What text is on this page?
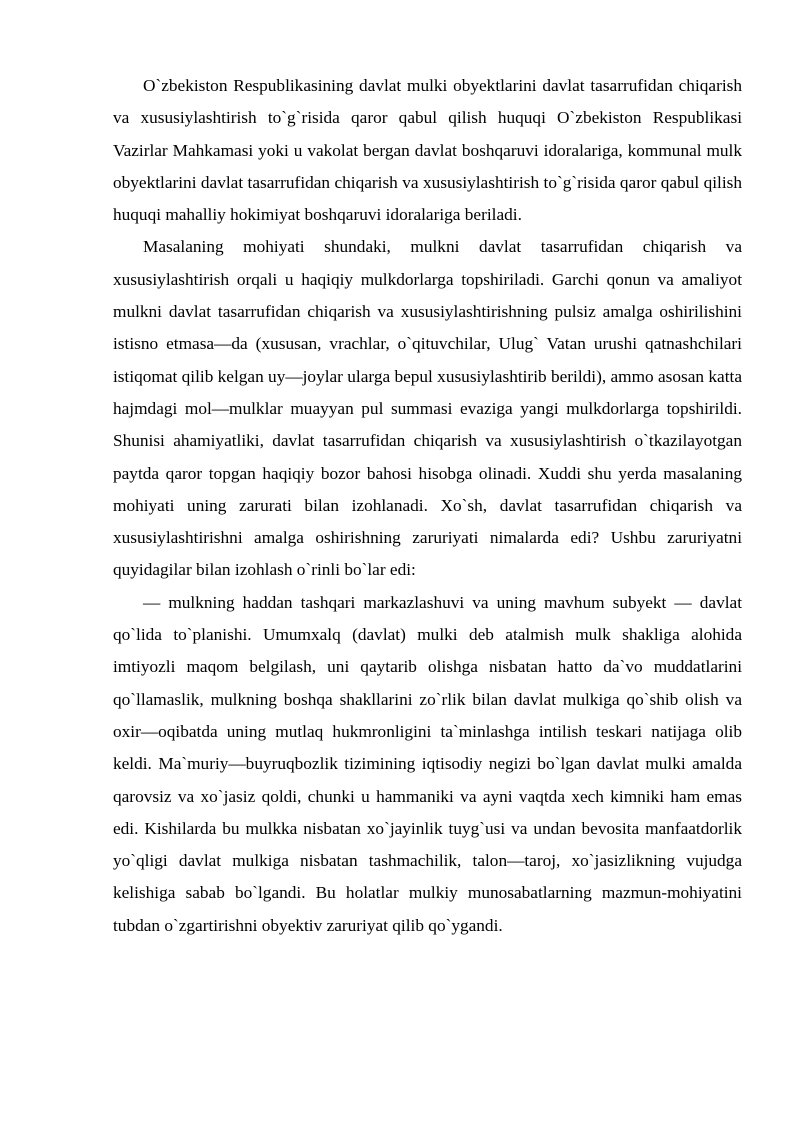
O`zbekiston Respublikasining davlat mulki obyektlarini davlat tasarrufidan chiqarish va xususiylashtirish to`g`risida qaror qabul qilish huquqi O`zbekiston Respublikasi Vazirlar Mahkamasi yoki u vakolat bergan davlat boshqaruvi idoralariga, kommunal mulk obyektlarini davlat tasarrufidan chiqarish va xususiylashtirish to`g`risida qaror qabul qilish huquqi mahalliy hokimiyat boshqaruvi idoralariga beriladi.

Masalaning mohiyati shundaki, mulkni davlat tasarrufidan chiqarish va xususiylashtirish orqali u haqiqiy mulkdorlarga topshiriladi. Garchi qonun va amaliyot mulkni davlat tasarrufidan chiqarish va xususiylashtirishning pulsiz amalga oshirilishini istisno etmasa—da (xususan, vrachlar, o`qituvchilar, Ulug` Vatan urushi qatnashchilari istiqomat qilib kelgan uy—joylar ularga bepul xususiylashtirib berildi), ammo asosan katta hajmdagi mol—mulklar muayyan pul summasi evaziga yangi mulkdorlarga topshirildi. Shunisi ahamiyatliki, davlat tasarrufidan chiqarish va xususiylashtirish o`tkazilayotgan paytda qaror topgan haqiqiy bozor bahosi hisobga olinadi. Xuddi shu yerda masalaning mohiyati uning zarurati bilan izohlanadi. Xo`sh, davlat tasarrufidan chiqarish va xususiylashtirishni amalga oshirishning zaruriyati nimalarda edi? Ushbu zaruriyatni quyidagilar bilan izohlash o`rinli bo`lar edi:

— mulkning haddan tashqari markazlashuvi va uning mavhum subyekt — davlat qo`lida to`planishi. Umumxalq (davlat) mulki deb atalmish mulk shakliga alohida imtiyozli maqom belgilash, uni qaytarib olishga nisbatan hatto da`vo muddatlarini qo`llamaslik, mulkning boshqa shakllarini zo`rlik bilan davlat mulkiga qo`shib olish va oxir—oqibatda uning mutlaq hukmronligini ta`minlashga intilish teskari natijaga olib keldi. Ma`muriy—buyruqbozlik tizimining iqtisodiy negizi bo`lgan davlat mulki amalda qarovsiz va xo`jasiz qoldi, chunki u hammaniki va ayni vaqtda xech kimniki ham emas edi. Kishilarda bu mulkka nisbatan xo`jayinlik tuyg`usi va undan bevosita manfaatdorlik yo`qligi davlat mulkiga nisbatan tashmachilik, talon—taroj, xo`jasizlikning vujudga kelishiga sabab bo`lgandi. Bu holatlar mulkiy munosabatlarning mazmun-mohiyatini tubdan o`zgartirishni obyektiv zaruriyat qilib qo`ygandi.
